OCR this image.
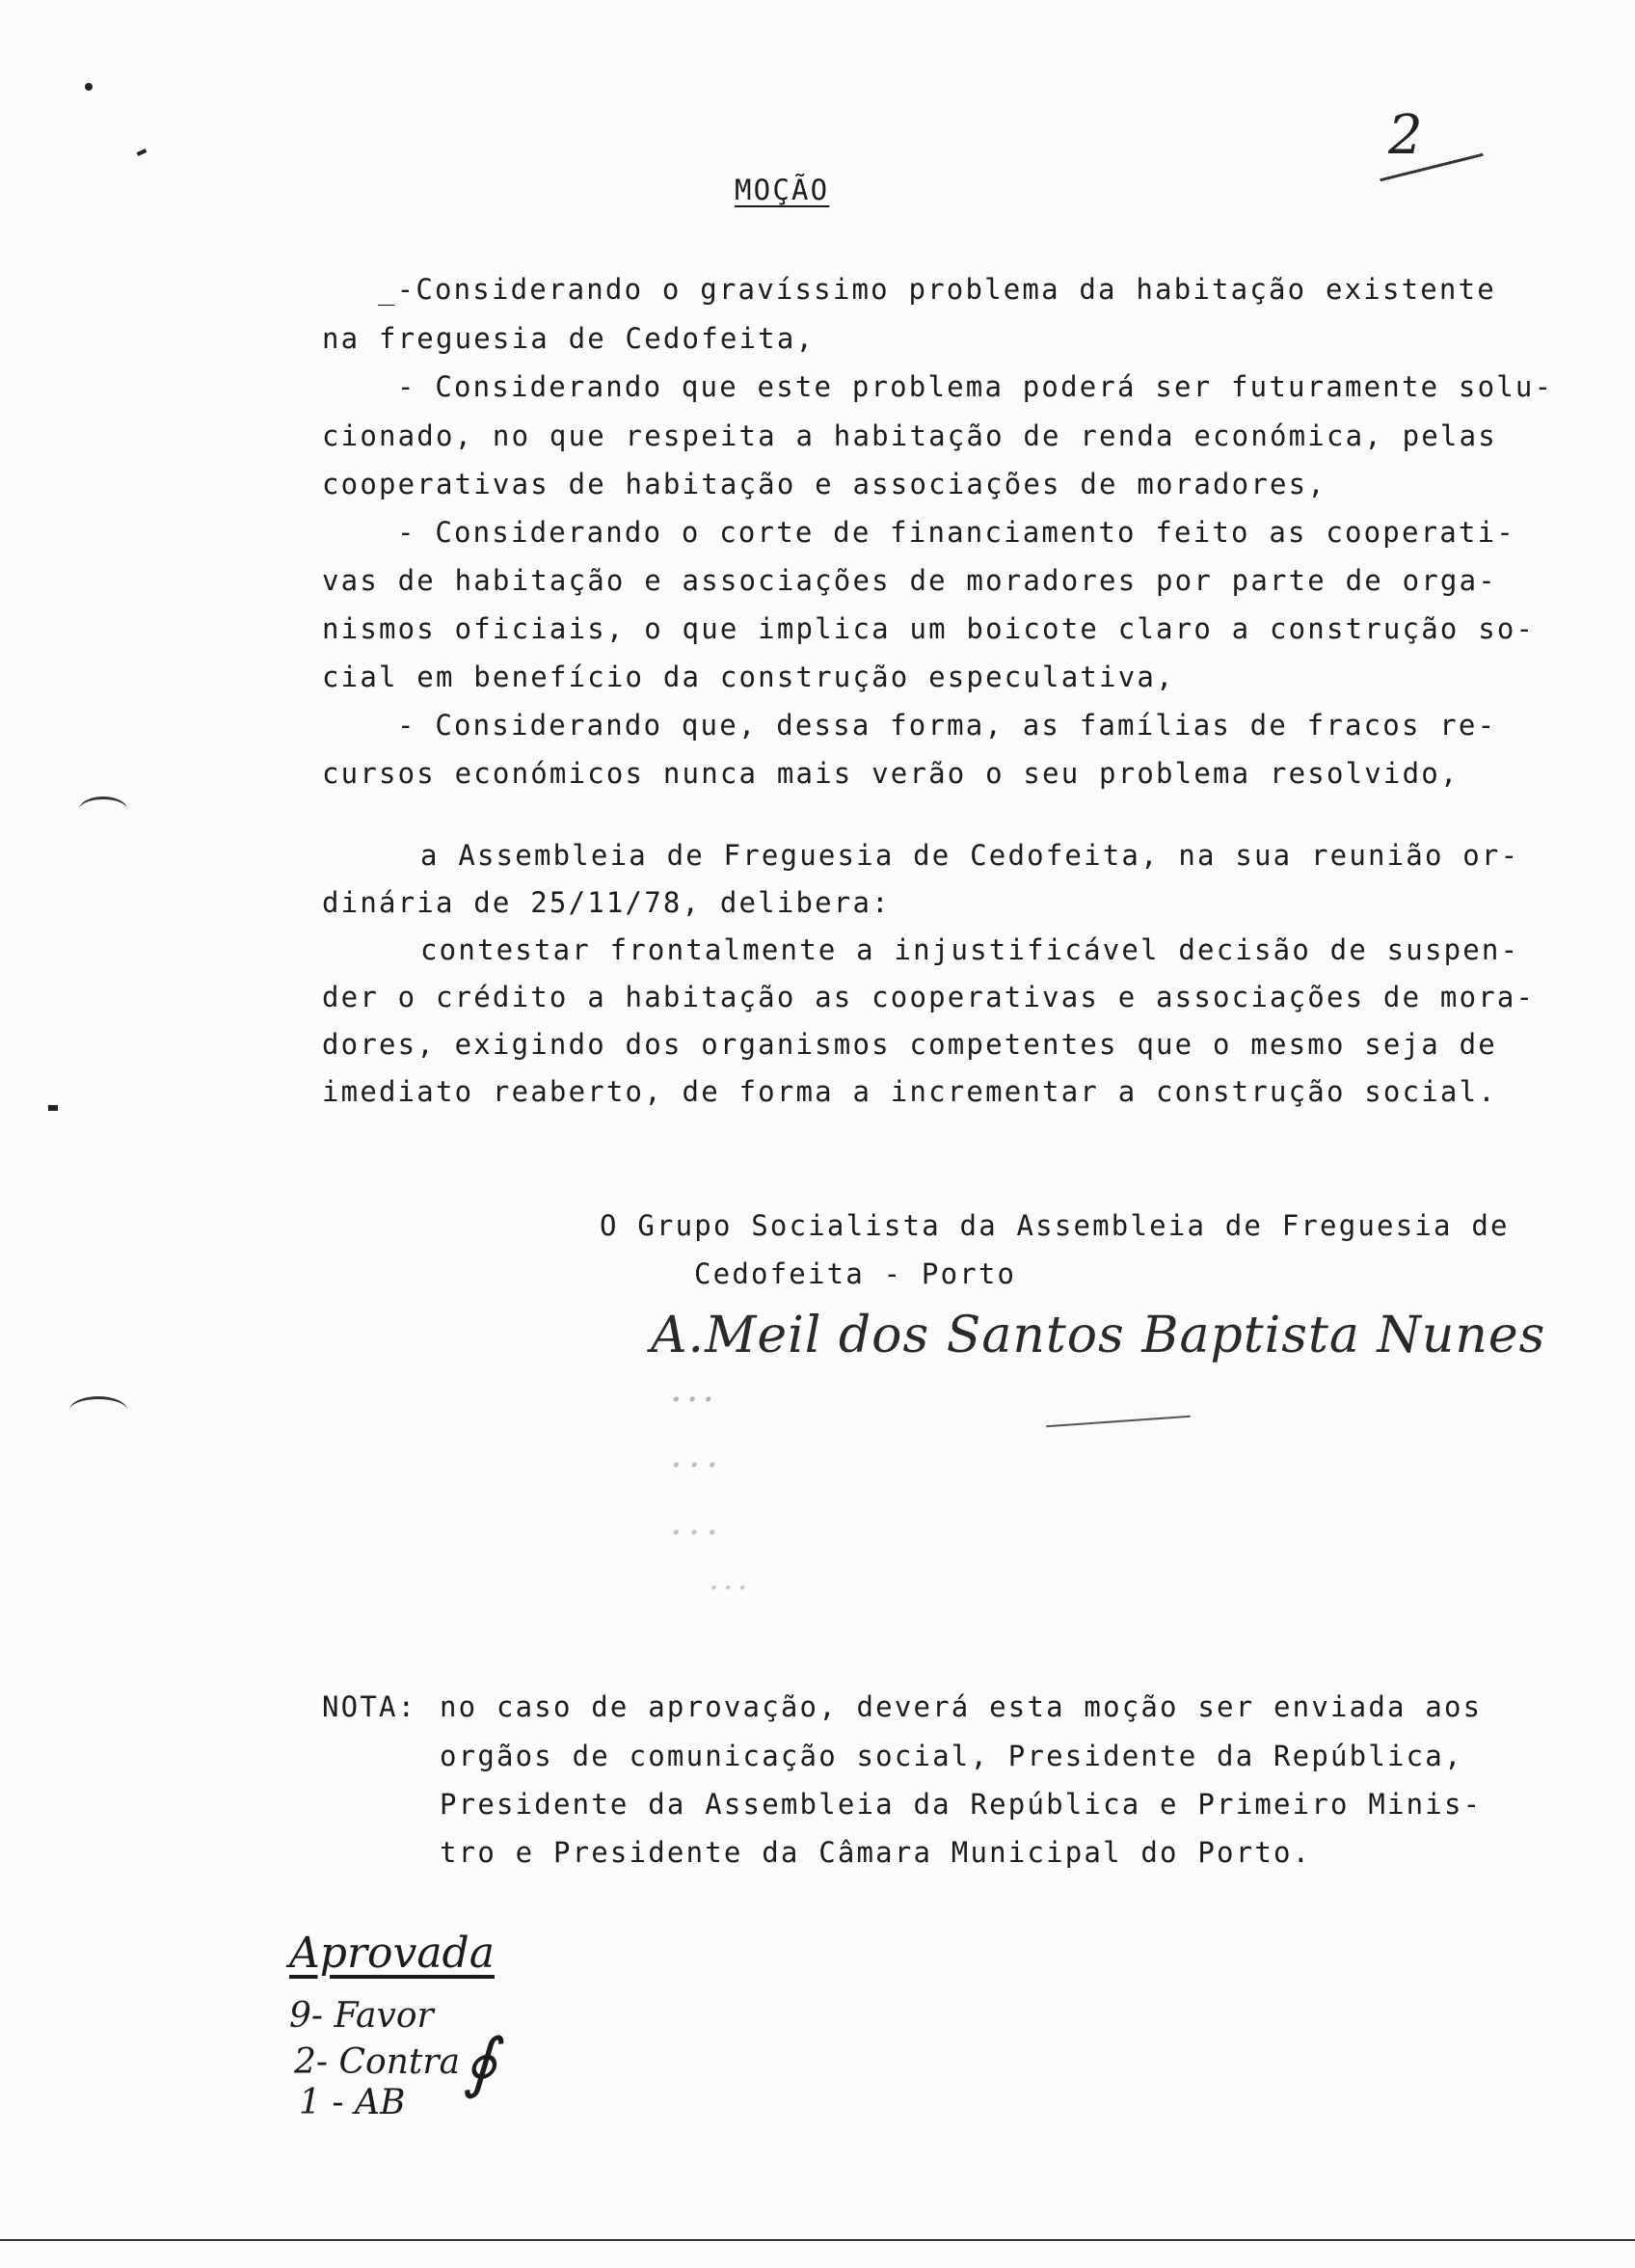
2
MOÇÃO
_-Considerando o gravíssimo problema da habitação existente
na freguesia de Cedofeita,
- Considerando que este problema poderá ser futuramente solu-
cionado, no que respeita a habitação de renda económica, pelas
cooperativas de habitação e associações de moradores,
- Considerando o corte de financiamento feito as cooperati-
vas de habitação e associações de moradores por parte de orga-
nismos oficiais, o que implica um boicote claro a construção so-
cial em benefício da construção especulativa,
- Considerando que, dessa forma, as famílias de fracos re-
cursos económicos nunca mais verão o seu problema resolvido,
a Assembleia de Freguesia de Cedofeita, na sua reunião or-
dinária de 25/11/78, delibera:
contestar frontalmente a injustificável decisão de suspen-
der o crédito a habitação as cooperativas e associações de mora-
dores, exigindo dos organismos competentes que o mesmo seja de
imediato reaberto, de forma a incrementar a construção social.
O Grupo Socialista da Assembleia de Freguesia de
Cedofeita - Porto
A.Meil dos Santos Baptista Nunes
...
...
...
...
NOTA: no caso de aprovação, deverá esta moção ser enviada aos
orgãos de comunicação social, Presidente da República,
Presidente da Assembleia da República e Primeiro Minis-
tro e Presidente da Câmara Municipal do Porto.
Aprovada
9- Favor
2- Contra
1 - AB
∮
